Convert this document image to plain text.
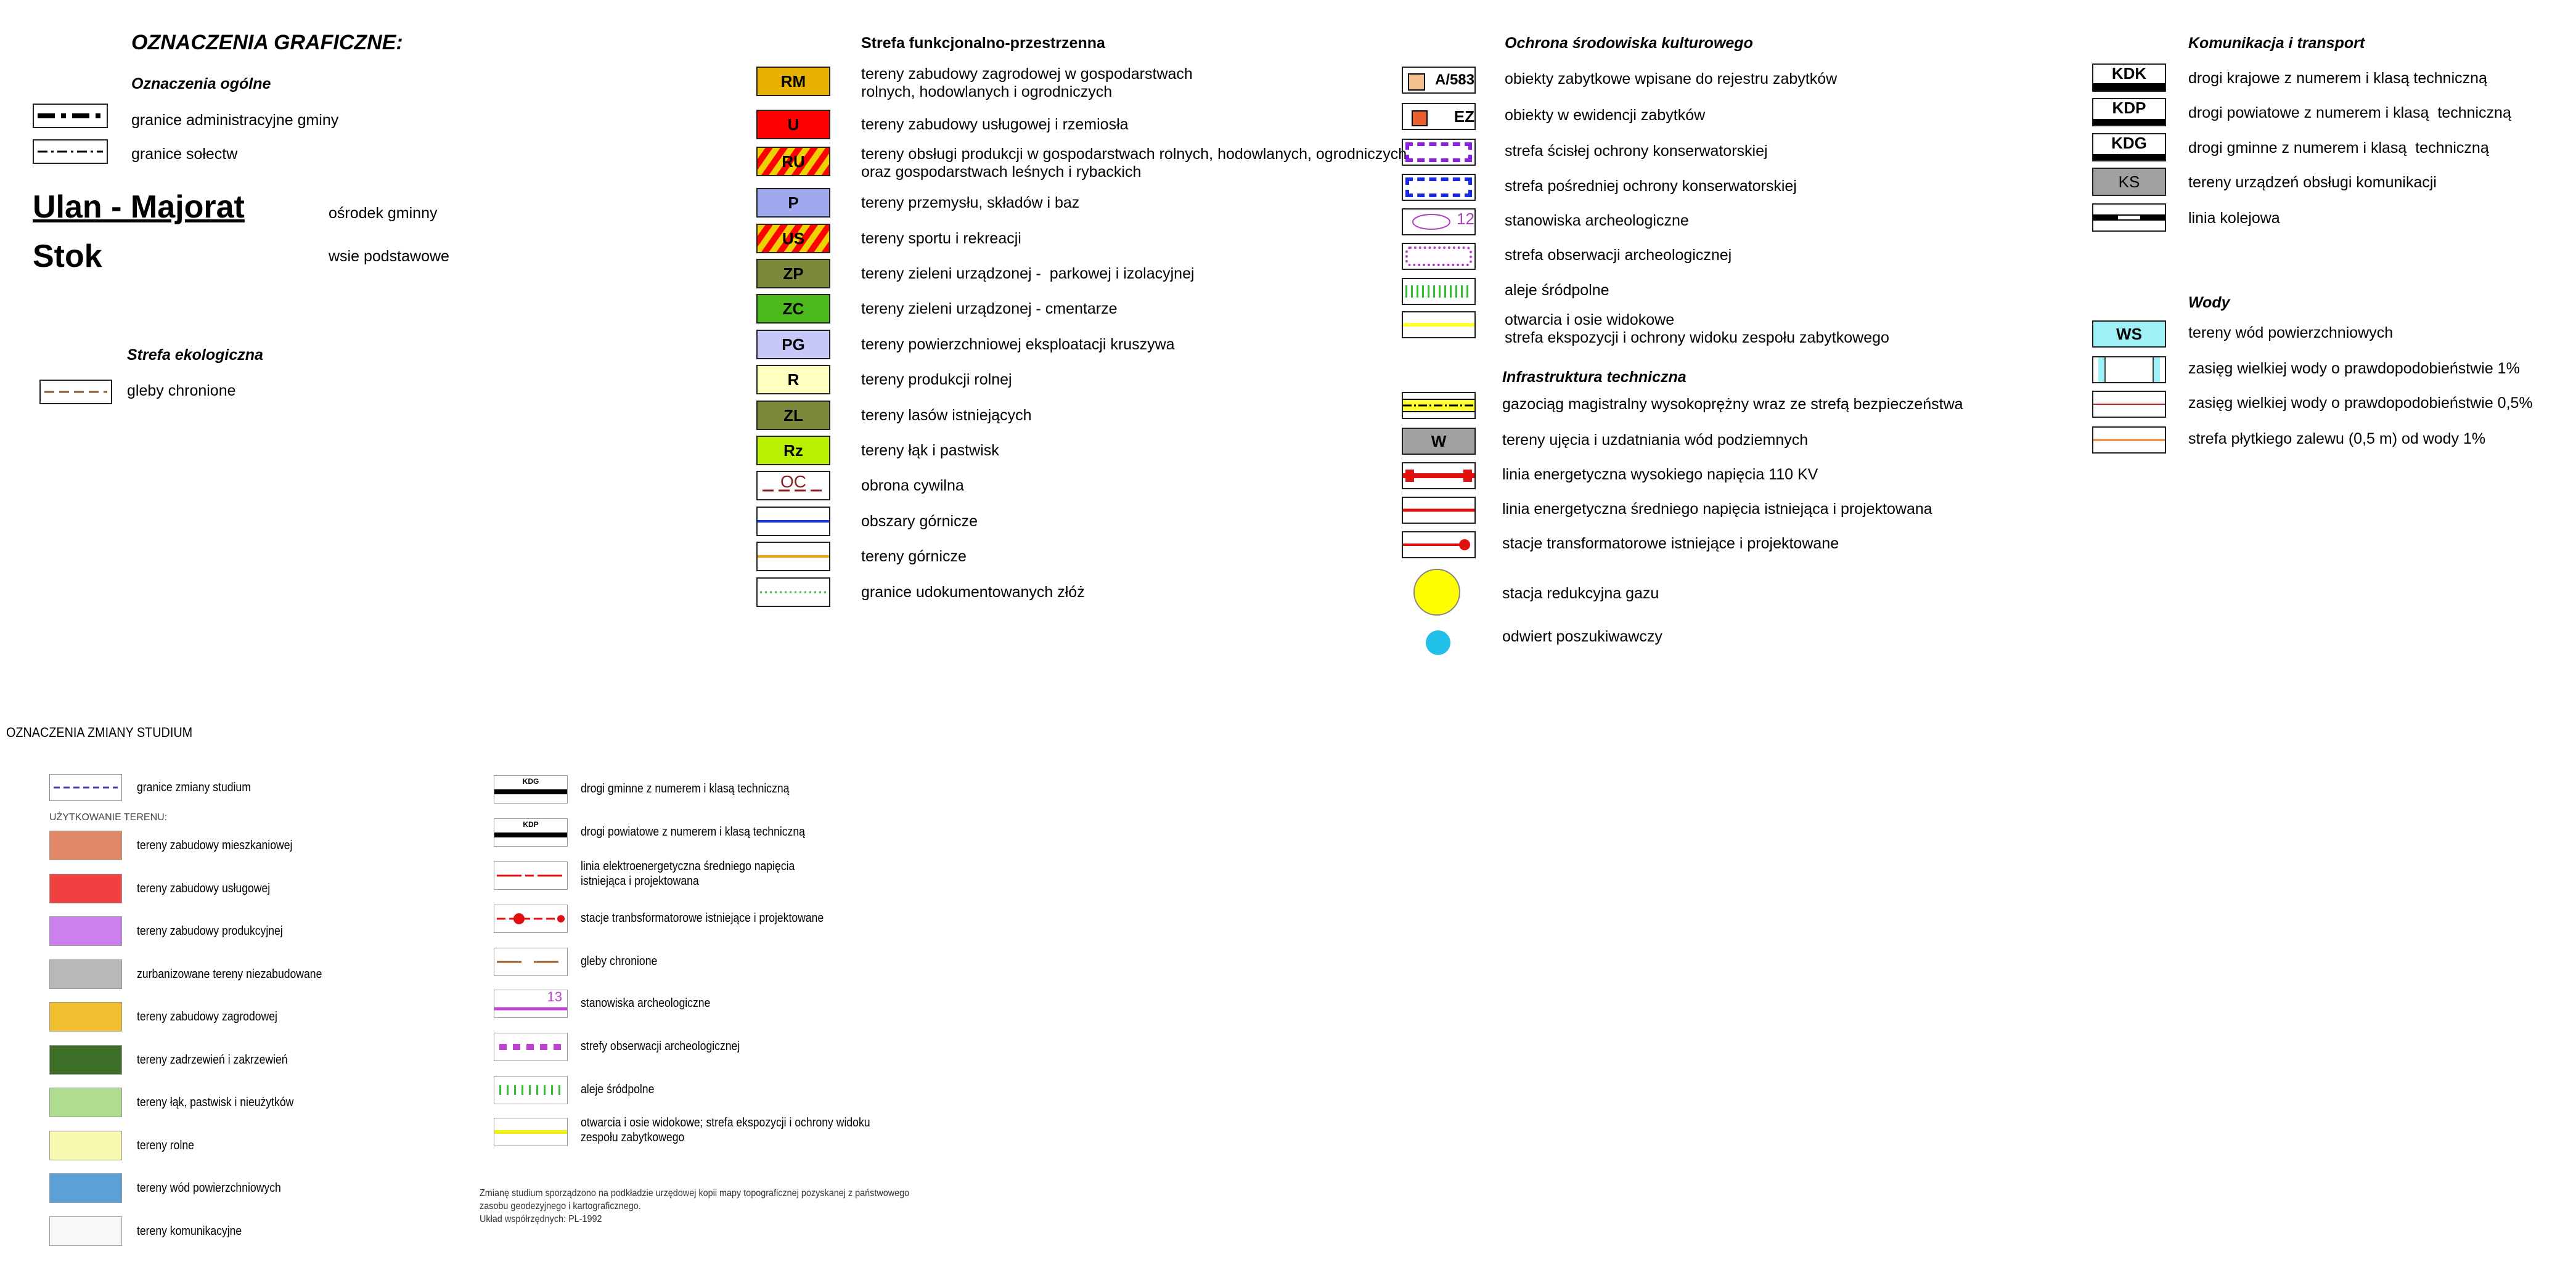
OZNACZENIA GRAFICZNE:
Oznaczenia ogólne
granice administracyjne gminy
granice sołectw
Ulan - Majorat	ośrodek gminny
Stok	wsie podstawowe
Strefa ekologiczna
gleby chronione
Strefa funkcjonalno-przestrzenna
RM	tereny zabudowy zagrodowej w gospodarstwach
rolnych, hodowlanych i ogrodniczych
U	tereny zabudowy usługowej i rzemiosła
RU	tereny obsługi produkcji w gospodarstwach rolnych, hodowlanych, ogrodniczych
oraz gospodarstwach leśnych i rybackich
P	tereny przemysłu, składów i baz
US	tereny sportu i rekreacji
ZP	tereny zieleni urządzonej -  parkowej i izolacyjnej
ZC	tereny zieleni urządzonej - cmentarze
PG	tereny powierzchniowej eksploatacji kruszywa
R	tereny produkcji rolnej
ZL	tereny lasów istniejących
Rz	tereny łąk i pastwisk
OC	obrona cywilna
obszary górnicze
tereny górnicze
granice udokumentowanych złóż
Ochrona środowiska kulturowego
A/583 obiekty zabytkowe wpisane do rejestru zabytków
EZ	obiekty w ewidencji zabytków
strefa ścisłej ochrony konserwatorskiej
strefa pośredniej ochrony konserwatorskiej
12 stanowiska archeologiczne
strefa obserwacji archeologicznej
aleje śródpolne
otwarcia i osie widokowe
strefa ekspozycji i ochrony widoku zespołu zabytkowego
Infrastruktura techniczna
gazociąg magistralny wysokoprężny wraz ze strefą bezpieczeństwa
W	tereny ujęcia i uzdatniania wód podziemnych
linia energetyczna wysokiego napięcia 110 KV
linia energetyczna średniego napięcia istniejąca i projektowana
stacje transformatorowe istniejące i projektowane
stacja redukcyjna gazu
odwiert poszukiwawczy
Komunikacja i transport
KDK	drogi krajowe z numerem i klasą techniczną
KDP	drogi powiatowe z numerem i klasą  techniczną
KDG	drogi gminne z numerem i klasą  techniczną
KS	tereny urządzeń obsługi komunikacji
linia kolejowa
Wody
WS	tereny wód powierzchniowych
zasięg wielkiej wody o prawdopodobieństwie 1%
zasięg wielkiej wody o prawdopodobieństwie 0,5%
strefa płytkiego zalewu (0,5 m) od wody 1%
OZNACZENIA ZMIANY STUDIUM
granice zmiany studium
UŻYTKOWANIE TERENU:
tereny zabudowy mieszkaniowej
tereny zabudowy usługowej
tereny zabudowy produkcyjnej
zurbanizowane tereny niezabudowane
tereny zabudowy zagrodowej
tereny zadrzewień i zakrzewień
tereny łąk, pastwisk i nieużytków
tereny rolne
tereny wód powierzchniowych
tereny komunikacyjne
KDG
drogi gminne z numerem i klasą techniczną
KDP
drogi powiatowe z numerem i klasą techniczną
linia elektroenergetyczna średniego napięcia
istniejąca i projektowana
stacje tranbsformatorowe istniejące i projektowane
gleby chronione
13 stanowiska archeologiczne
strefy obserwacji archeologicznej
aleje śródpolne
otwarcia i osie widokowe; strefa ekspozycji i ochrony widoku
zespołu zabytkowego
Zmianę studium sporządzono na podkładzie urzędowej kopii mapy topograficznej pozyskanej z państwowego
zasobu geodezyjnego i kartograficznego.
Układ współrzędnych: PL-1992
